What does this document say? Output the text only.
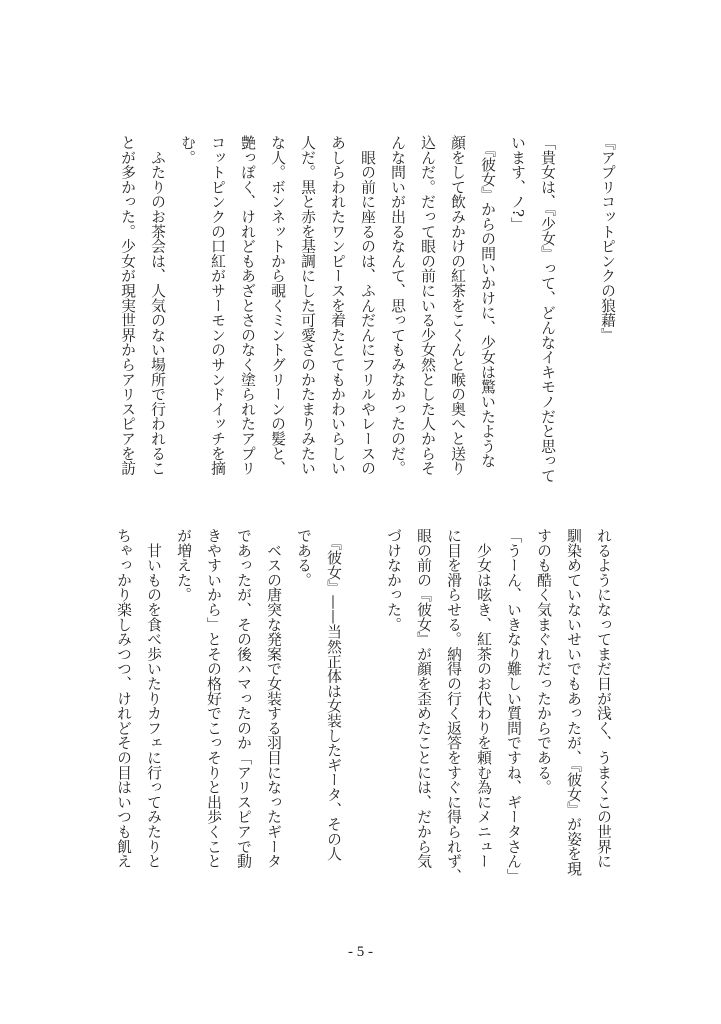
『アプリコットピンクの狼藉』

「貴女は、『少女』って、どんなイキモノだと思って
います、ノ?」
　『彼女』からの問いかけに、少女は驚いたような
顔をして飲みかけの紅茶をこくんと喉の奥へと送り
込んだ。だって眼の前にいる少女然とした人からそ
んな問いが出るなんて、思ってもみなかったのだ。
　眼の前に座るのは、ふんだんにフリルやレースの
あしらわれたワンピースを着たとてもかわいらしい
人だ。黒と赤を基調にした可愛さのかたまりみたい
な人。ボンネットから覗くミントグリーンの髪と、
艶っぽく、けれどもあざとさのなく塗られたアプリ
コットピンクの口紅がサーモンのサンドイッチを摘
む。
　ふたりのお茶会は、人気のない場所で行われるこ
とが多かった。少女が現実世界からアリスピアを訪
れるようになってまだ日が浅く、うまくこの世界に
馴染めていないせいでもあったが、『彼女』が姿を現
すのも酷く気まぐれだったからである。
「うーん、いきなり難しい質問ですね、ギータさん」
　少女は呟き、紅茶のお代わりを頼む為にメニュー
に目を滑らせる。納得の行く返答をすぐに得られず、
眼の前の『彼女』が顔を歪めたことには、だから気
づけなかった。

　『彼女』——当然正体は女装したギータ、その人
である。
　ベスの唐突な発案で女装する羽目になったギータ
であったが、その後ハマったのか「アリスピアで動
きやすいから」とその格好でこっそりと出歩くこと
が増えた。
　甘いものを食べ歩いたりカフェに行ってみたりと
ちゃっかり楽しみつつ、けれどその目はいつも飢え
- 5 -
